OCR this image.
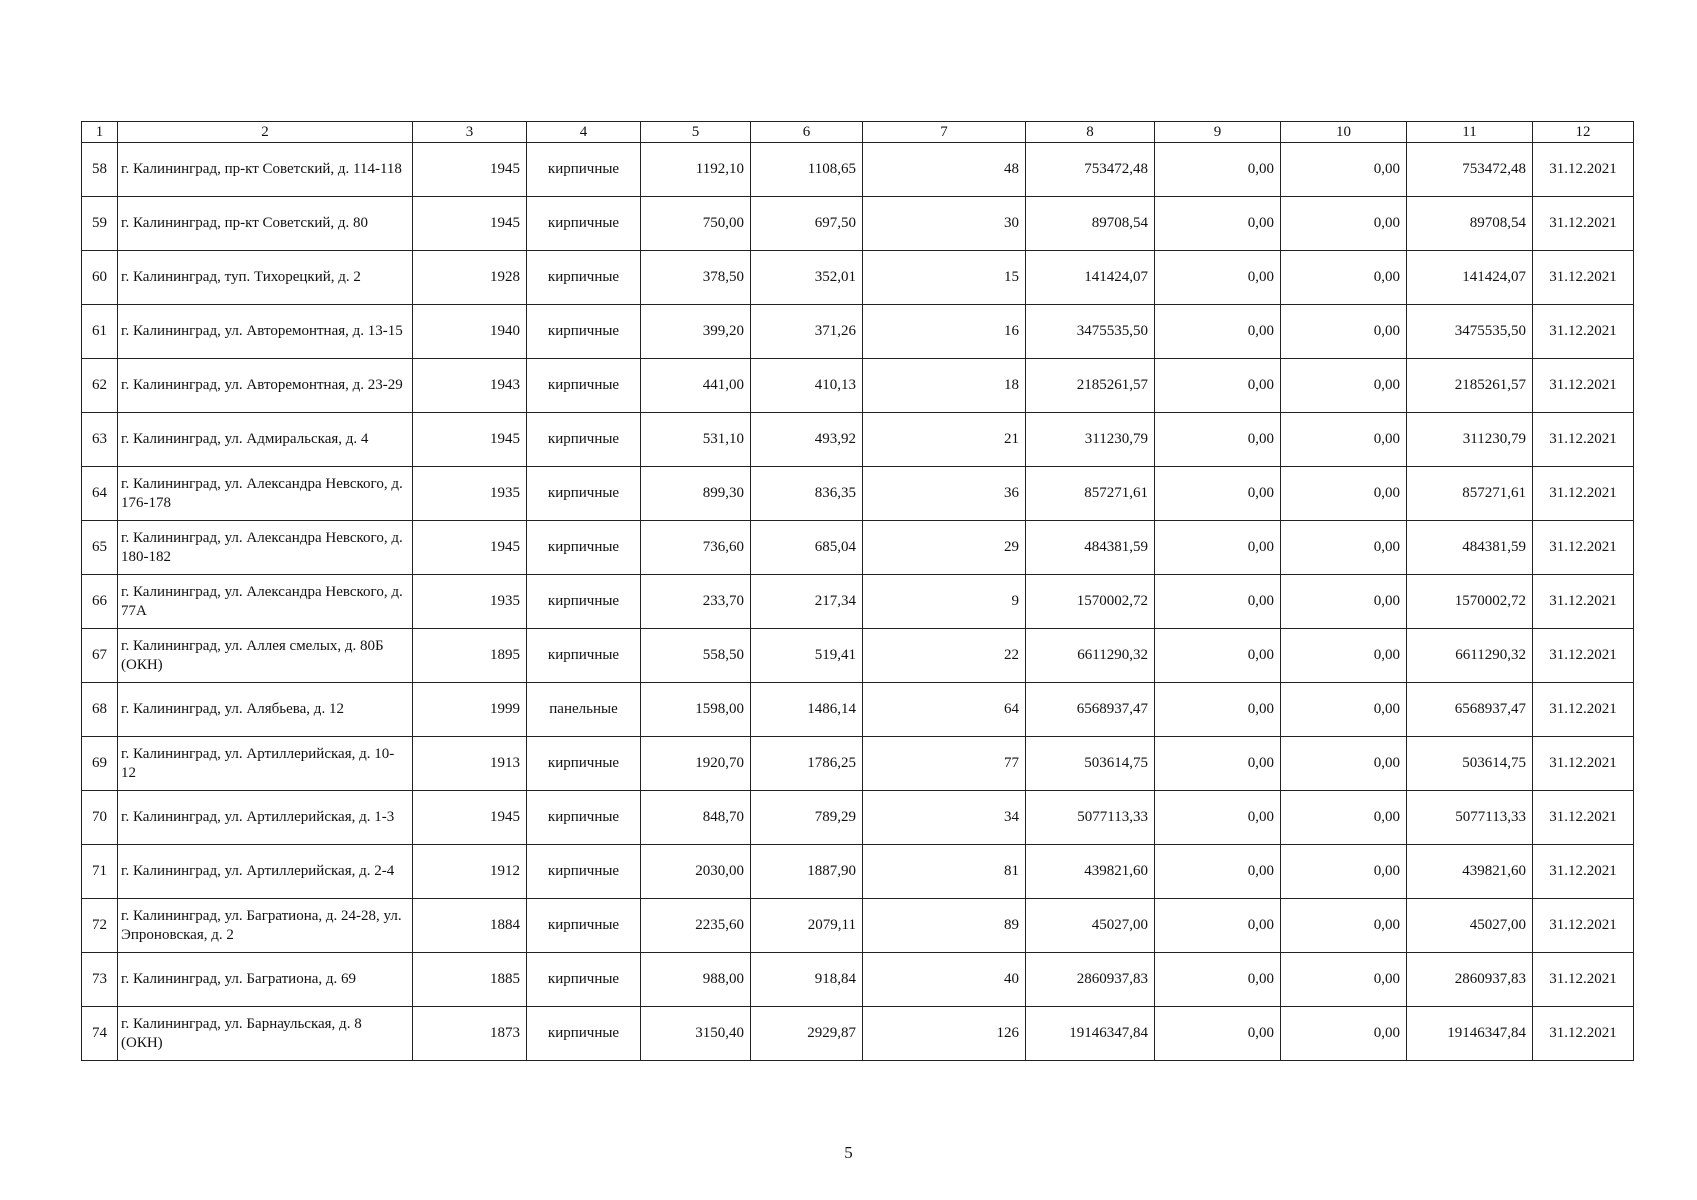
1	2	3	4	5	6	7	8	9	10	11	12
58	г. Калининград, пр-кт Советский, д. 114-118	1945	кирпичные	1192,10	1108,65	48	753472,48	0,00	0,00	753472,48	31.12.2021
59	г. Калининград, пр-кт Советский, д. 80	1945	кирпичные	750,00	697,50	30	89708,54	0,00	0,00	89708,54	31.12.2021
60	г. Калининград, туп. Тихорецкий, д. 2	1928	кирпичные	378,50	352,01	15	141424,07	0,00	0,00	141424,07	31.12.2021
61	г. Калининград, ул. Авторемонтная, д. 13-15	1940	кирпичные	399,20	371,26	16	3475535,50	0,00	0,00	3475535,50	31.12.2021
62	г. Калининград, ул. Авторемонтная, д. 23-29	1943	кирпичные	441,00	410,13	18	2185261,57	0,00	0,00	2185261,57	31.12.2021
63	г. Калининград, ул. Адмиральская, д. 4	1945	кирпичные	531,10	493,92	21	311230,79	0,00	0,00	311230,79	31.12.2021
64	г. Калининград, ул. Александра Невского, д. 176-178	1935	кирпичные	899,30	836,35	36	857271,61	0,00	0,00	857271,61	31.12.2021
65	г. Калининград, ул. Александра Невского, д. 180-182	1945	кирпичные	736,60	685,04	29	484381,59	0,00	0,00	484381,59	31.12.2021
66	г. Калининград, ул. Александра Невского, д. 77А	1935	кирпичные	233,70	217,34	9	1570002,72	0,00	0,00	1570002,72	31.12.2021
67	г. Калининград, ул. Аллея смелых, д. 80Б (ОКН)	1895	кирпичные	558,50	519,41	22	6611290,32	0,00	0,00	6611290,32	31.12.2021
68	г. Калининград, ул. Алябьева, д. 12	1999	панельные	1598,00	1486,14	64	6568937,47	0,00	0,00	6568937,47	31.12.2021
69	г. Калининград, ул. Артиллерийская, д. 10-12	1913	кирпичные	1920,70	1786,25	77	503614,75	0,00	0,00	503614,75	31.12.2021
70	г. Калининград, ул. Артиллерийская, д. 1-3	1945	кирпичные	848,70	789,29	34	5077113,33	0,00	0,00	5077113,33	31.12.2021
71	г. Калининград, ул. Артиллерийская, д. 2-4	1912	кирпичные	2030,00	1887,90	81	439821,60	0,00	0,00	439821,60	31.12.2021
72	г. Калининград, ул. Багратиона, д. 24-28, ул. Эпроновская, д. 2	1884	кирпичные	2235,60	2079,11	89	45027,00	0,00	0,00	45027,00	31.12.2021
73	г. Калининград, ул. Багратиона, д. 69	1885	кирпичные	988,00	918,84	40	2860937,83	0,00	0,00	2860937,83	31.12.2021
74	г. Калининград, ул. Барнаульская, д. 8 (ОКН)	1873	кирпичные	3150,40	2929,87	126	19146347,84	0,00	0,00	19146347,84	31.12.2021
5
